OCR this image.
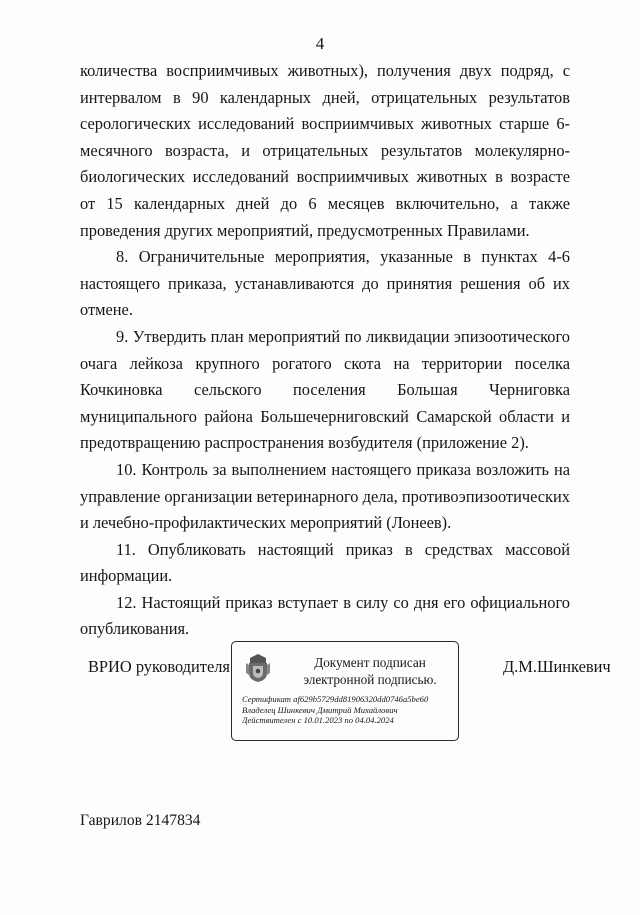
4

количества восприимчивых животных), получения двух подряд, с интервалом в 90 календарных дней, отрицательных результатов серологических исследований восприимчивых животных старше 6-месячного возраста, и отрицательных результатов молекулярно-биологических исследований восприимчивых животных в возрасте от 15 календарных дней до 6 месяцев включительно, а также проведения других мероприятий, предусмотренных Правилами.

8. Ограничительные мероприятия, указанные в пунктах 4-6 настоящего приказа, устанавливаются до принятия решения об их отмене.

9. Утвердить план мероприятий по ликвидации эпизоотического очага лейкоза крупного рогатого скота на территории поселка Кочкиновка сельского поселения Большая Черниговка муниципального района Большечерниговский Самарской области и предотвращению распространения возбудителя (приложение 2).

10. Контроль за выполнением настоящего приказа возложить на управление организации ветеринарного дела, противоэпизоотических и лечебно-профилактических мероприятий (Лонеев).

11. Опубликовать настоящий приказ в средствах массовой информации.

12. Настоящий приказ вступает в силу со дня его официального опубликования.

ВРИО руководителя	Документ подписан
электронной подписью.
Сертификат af629b5729dd81906320dd0746a5be60
Владелец Шинкевич Дмитрий Михайлович
Действителен с 10.01.2023 по 04.04.2024
Д.М.Шинкевич
Гаврилов 2147834
